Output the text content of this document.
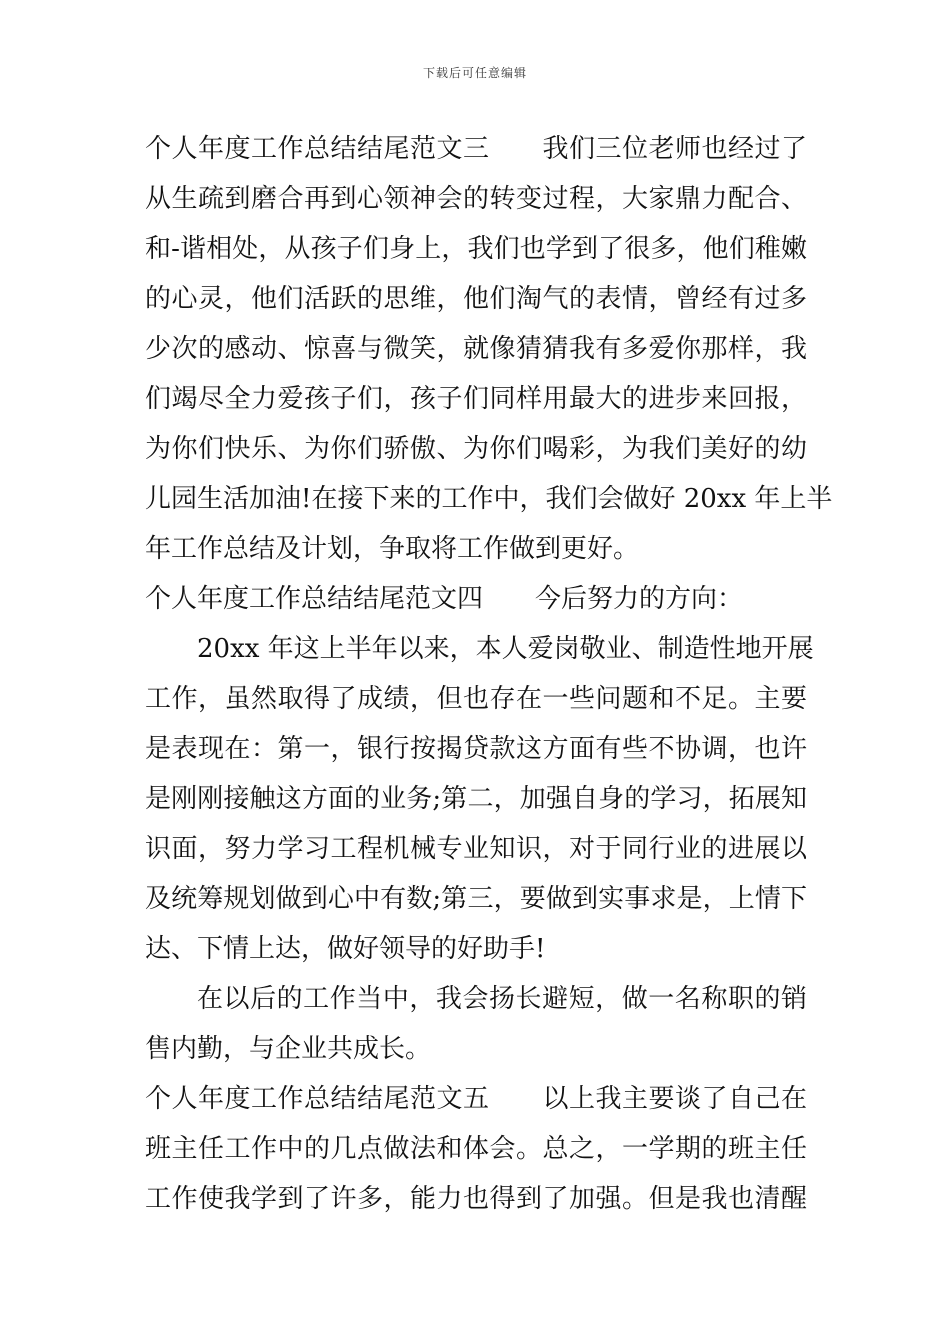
下载后可任意编辑
个人年度工作总结结尾范文三　　我们三位老师也经过了
从生疏到磨合再到心领神会的转变过程，大家鼎力配合、
和-谐相处，从孩子们身上，我们也学到了很多，他们稚嫩
的心灵，他们活跃的思维，他们淘气的表情，曾经有过多
少次的感动、惊喜与微笑，就像猜猜我有多爱你那样，我
们竭尽全力爱孩子们，孩子们同样用最大的进步来回报，
为你们快乐、为你们骄傲、为你们喝彩，为我们美好的幼
儿园生活加油!在接下来的工作中，我们会做好 20xx 年上半
年工作总结及计划，争取将工作做到更好。
个人年度工作总结结尾范文四　　今后努力的方向：
20xx 年这上半年以来，本人爱岗敬业、制造性地开展
工作，虽然取得了成绩，但也存在一些问题和不足。主要
是表现在：第一，银行按揭贷款这方面有些不协调，也许
是刚刚接触这方面的业务;第二，加强自身的学习，拓展知
识面，努力学习工程机械专业知识，对于同行业的进展以
及统筹规划做到心中有数;第三，要做到实事求是，上情下
达、下情上达，做好领导的好助手!
在以后的工作当中，我会扬长避短，做一名称职的销
售内勤，与企业共成长。
个人年度工作总结结尾范文五　　以上我主要谈了自己在
班主任工作中的几点做法和体会。总之，一学期的班主任
工作使我学到了许多，能力也得到了加强。但是我也清醒
